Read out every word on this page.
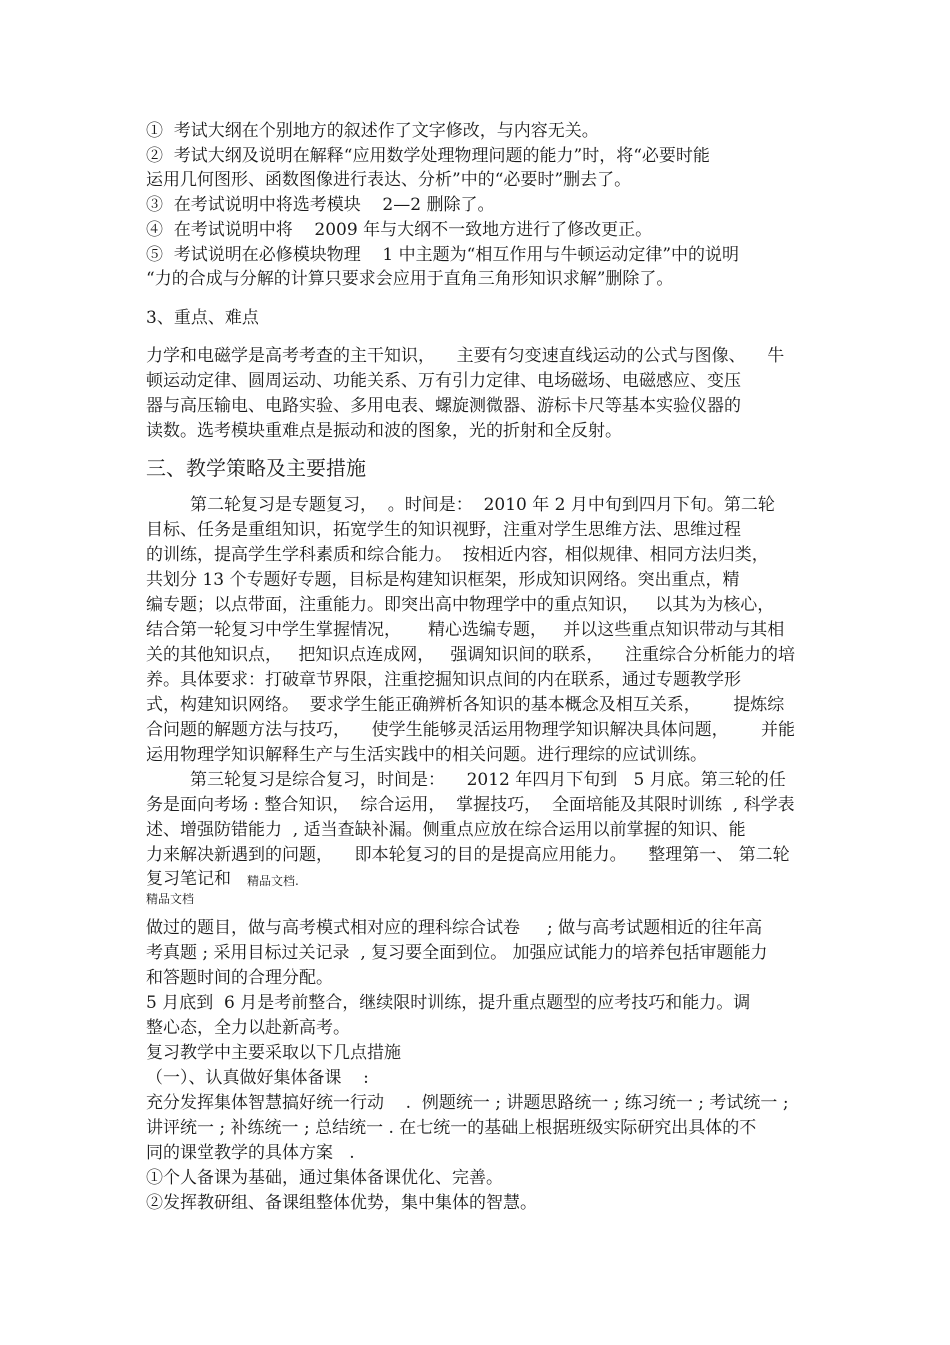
①  考试大纲在个别地方的叙述作了文字修改，与内容无关。
②  考试大纲及说明在解释“应用数学处理物理问题的能力”时，将“必要时能
运用几何图形、函数图像进行表达、分析”中的“必要时”删去了。
③  在考试说明中将选考模块    2—2 删除了。
④  在考试说明中将    2009 年与大纲不一致地方进行了修改更正。
⑤  考试说明在必修模块物理    1 中主题为“相互作用与牛顿运动定律”中的说明
“力的合成与分解的计算只要求会应用于直角三角形知识求解”删除了。
3、重点、难点
力学和电磁学是高考考查的主干知识，    主要有匀变速直线运动的公式与图像、    牛
顿运动定律、圆周运动、功能关系、万有引力定律、电场磁场、电磁感应、变压
器与高压输电、电路实验、多用电表、螺旋测微器、游标卡尺等基本实验仪器的
读数。选考模块重难点是振动和波的图象，光的折射和全反射。
三、教学策略及主要措施
第二轮复习是专题复习，  。时间是：  2010 年 2 月中旬到四月下旬。第二轮
目标、任务是重组知识，拓宽学生的知识视野，注重对学生思维方法、思维过程
的训练，提高学生学科素质和综合能力。  按相近内容，相似规律、相同方法归类，
共划分 13 个专题好专题，目标是构建知识框架，形成知识网络。突出重点，精
编专题；以点带面，注重能力。即突出高中物理学中的重点知识，   以其为为核心，
结合第一轮复习中学生掌握情况，     精心选编专题，   并以这些重点知识带动与其相
关的其他知识点，   把知识点连成网，   强调知识间的联系，    注重综合分析能力的培
养。具体要求：打破章节界限，注重挖掘知识点间的内在联系，通过专题教学形
式，构建知识网络。  要求学生能正确辨析各知识的基本概念及相互关系，      提炼综
合问题的解题方法与技巧，    使学生能够灵活运用物理学知识解决具体问题，      并能
运用物理学知识解释生产与生活实践中的相关问题。进行理综的应试训练。
第三轮复习是综合复习，时间是：    2012 年四月下旬到   5 月底。第三轮的任
务是面向考场 : 整合知识，  综合运用，  掌握技巧，  全面培能及其限时训练  , 科学表
述、增强防错能力  , 适当查缺补漏。侧重点应放在综合运用以前掌握的知识、能
力来解决新遇到的问题，    即本轮复习的目的是提高应用能力。    整理第一、 第二轮
复习笔记和 精品文档.
精品文档
做过的题目，做与高考模式相对应的理科综合试卷     ; 做与高考试题相近的往年高
考真题 ; 采用目标过关记录  , 复习要全面到位。 加强应试能力的培养包括审题能力
和答题时间的合理分配。
5 月底到  6 月是考前整合，继续限时训练，提升重点题型的应考技巧和能力。调
整心态，全力以赴新高考。
复习教学中主要采取以下几点措施
（一）、认真做好集体备课    :
充分发挥集体智慧搞好统一行动    .  例题统一 ; 讲题思路统一 ; 练习统一 ; 考试统一 ;
讲评统一 ; 补练统一 ; 总结统一 . 在七统一的基础上根据班级实际研究出具体的不
同的课堂教学的具体方案   .
①个人备课为基础，通过集体备课优化、完善。
②发挥教研组、备课组整体优势，集中集体的智慧。
